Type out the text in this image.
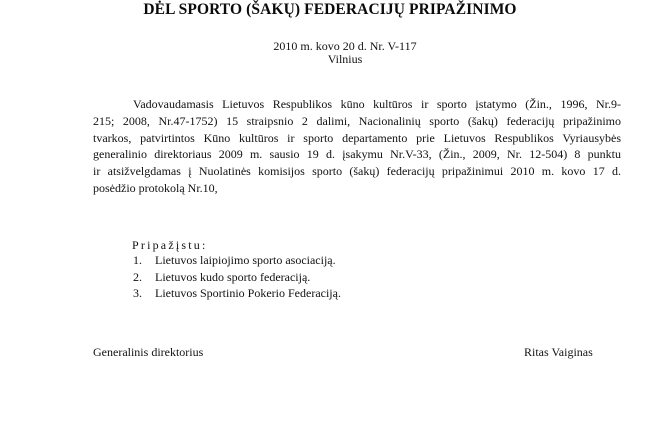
DĖL SPORTO (ŠAKŲ) FEDERACIJŲ PRIPAŽINIMO
2010 m. kovo 20 d. Nr. V-117
Vilnius
Vadovaudamasis Lietuvos Respublikos kūno kultūros ir sporto įstatymo (Žin., 1996, Nr.9-
215; 2008, Nr.47-1752) 15 straipsnio 2 dalimi, Nacionalinių sporto (šakų) federacijų pripažinimo
tvarkos, patvirtintos Kūno kultūros ir sporto departamento prie Lietuvos Respublikos Vyriausybės
generalinio direktoriaus 2009 m. sausio 19 d. įsakymu Nr.V-33, (Žin., 2009, Nr. 12-504) 8 punktu
ir atsižvelgdamas į Nuolatinės komisijos sporto (šakų) federacijų pripažinimui 2010 m. kovo 17 d.
posėdžio protokolą Nr.10,
Pripažįstu:
1. Lietuvos laipiojimo sporto asociaciją.
2. Lietuvos kudo sporto federaciją.
3. Lietuvos Sportinio Pokerio Federaciją.
Generalinis direktorius	Ritas Vaiginas
